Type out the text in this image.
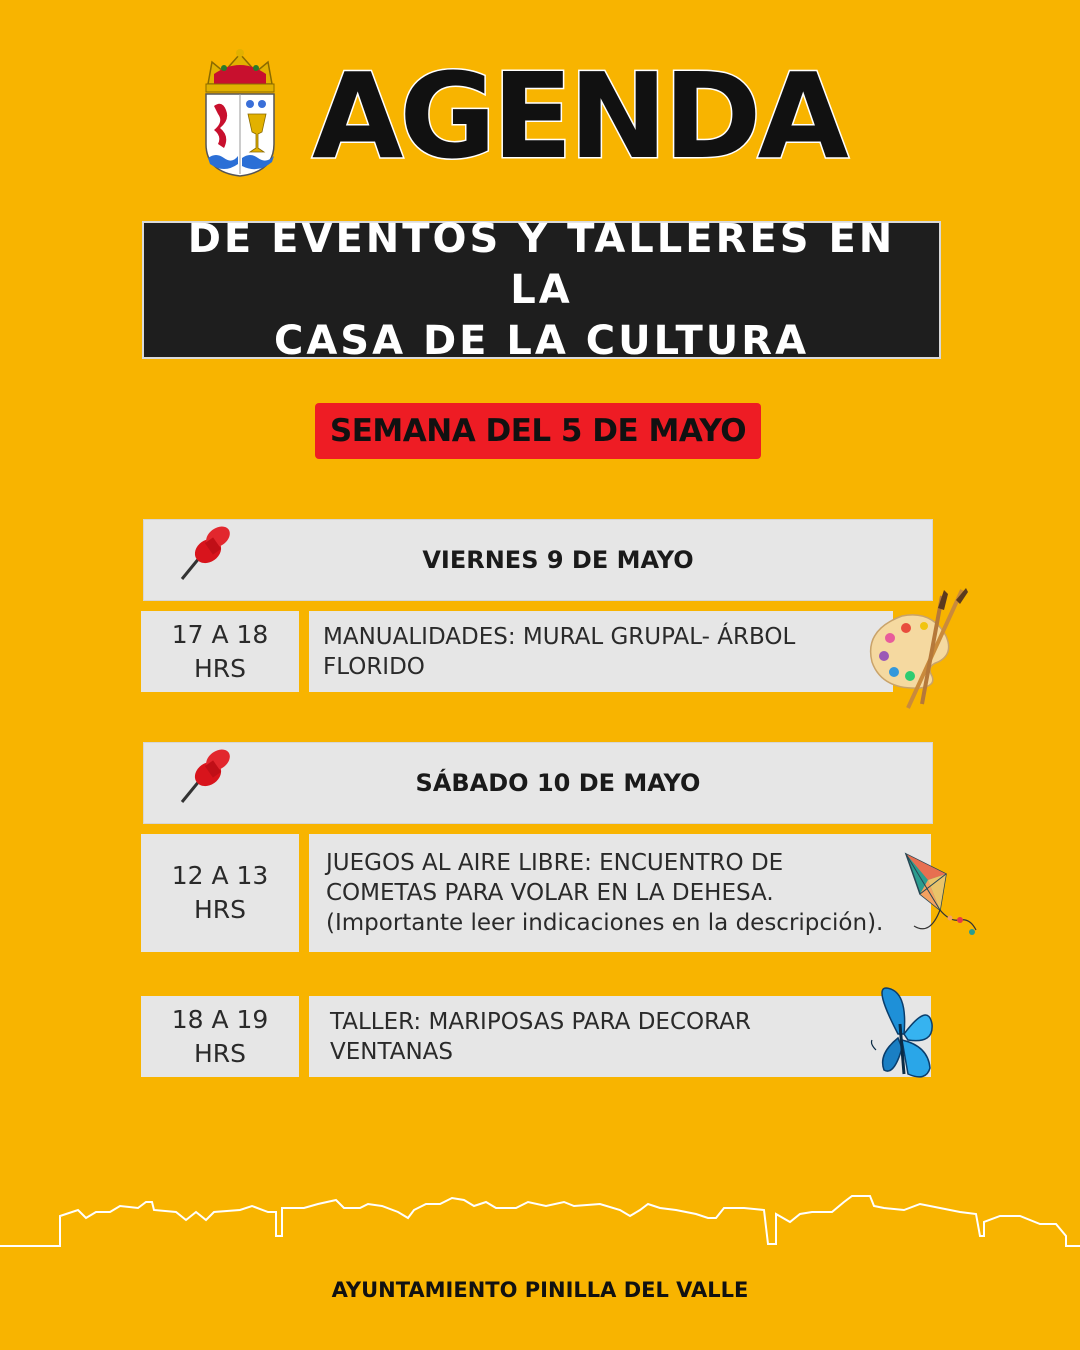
AGENDA
DE EVENTOS Y TALLERES EN LA
CASA DE LA CULTURA
SEMANA DEL 5 DE MAYO
VIERNES 9 DE MAYO
17 A 18
HRS
MANUALIDADES: MURAL GRUPAL- ÁRBOL
FLORIDO
SÁBADO 10 DE MAYO
12 A 13
HRS
JUEGOS AL AIRE LIBRE: ENCUENTRO DE
COMETAS PARA VOLAR EN LA DEHESA.
(Importante leer indicaciones en la descripción).
18 A 19
HRS
TALLER: MARIPOSAS PARA DECORAR
VENTANAS
AYUNTAMIENTO PINILLA DEL VALLE
